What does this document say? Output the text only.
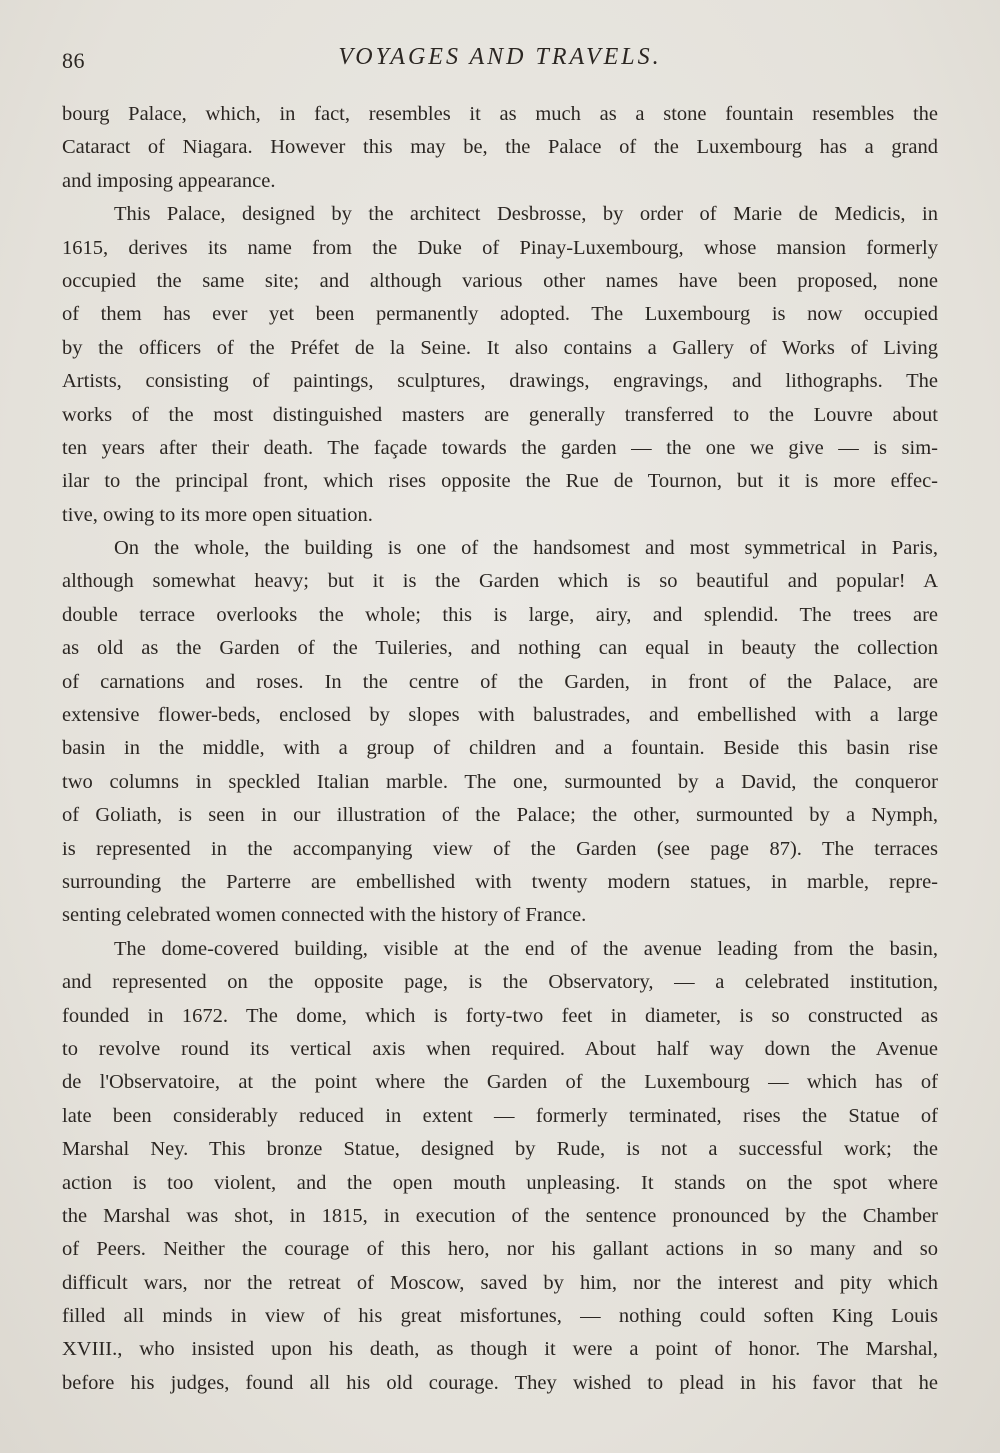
86	VOYAGES AND TRAVELS.

bourg Palace, which, in fact, resembles it as much as a stone fountain resembles the
Cataract of Niagara. However this may be, the Palace of the Luxembourg has a grand
and imposing appearance.

This Palace, designed by the architect Desbrosse, by order of Marie de Medicis, in
1615, derives its name from the Duke of Pinay-Luxembourg, whose mansion formerly
occupied the same site; and although various other names have been proposed, none
of them has ever yet been permanently adopted. The Luxembourg is now occupied
by the officers of the Préfet de la Seine. It also contains a Gallery of Works of Living
Artists, consisting of paintings, sculptures, drawings, engravings, and lithographs. The
works of the most distinguished masters are generally transferred to the Louvre about
ten years after their death. The façade towards the garden — the one we give — is sim-
ilar to the principal front, which rises opposite the Rue de Tournon, but it is more effec-
tive, owing to its more open situation.

On the whole, the building is one of the handsomest and most symmetrical in Paris,
although somewhat heavy; but it is the Garden which is so beautiful and popular! A
double terrace overlooks the whole; this is large, airy, and splendid. The trees are
as old as the Garden of the Tuileries, and nothing can equal in beauty the collection
of carnations and roses. In the centre of the Garden, in front of the Palace, are
extensive flower-beds, enclosed by slopes with balustrades, and embellished with a large
basin in the middle, with a group of children and a fountain. Beside this basin rise
two columns in speckled Italian marble. The one, surmounted by a David, the conqueror
of Goliath, is seen in our illustration of the Palace; the other, surmounted by a Nymph,
is represented in the accompanying view of the Garden (see page 87). The terraces
surrounding the Parterre are embellished with twenty modern statues, in marble, repre-
senting celebrated women connected with the history of France.

The dome-covered building, visible at the end of the avenue leading from the basin,
and represented on the opposite page, is the Observatory, — a celebrated institution,
founded in 1672. The dome, which is forty-two feet in diameter, is so constructed as
to revolve round its vertical axis when required. About half way down the Avenue
de l'Observatoire, at the point where the Garden of the Luxembourg — which has of
late been considerably reduced in extent — formerly terminated, rises the Statue of
Marshal Ney. This bronze Statue, designed by Rude, is not a successful work; the
action is too violent, and the open mouth unpleasing. It stands on the spot where
the Marshal was shot, in 1815, in execution of the sentence pronounced by the Chamber
of Peers. Neither the courage of this hero, nor his gallant actions in so many and so
difficult wars, nor the retreat of Moscow, saved by him, nor the interest and pity which
filled all minds in view of his great misfortunes, — nothing could soften King Louis
XVIII., who insisted upon his death, as though it were a point of honor. The Marshal,
before his judges, found all his old courage. They wished to plead in his favor that he
